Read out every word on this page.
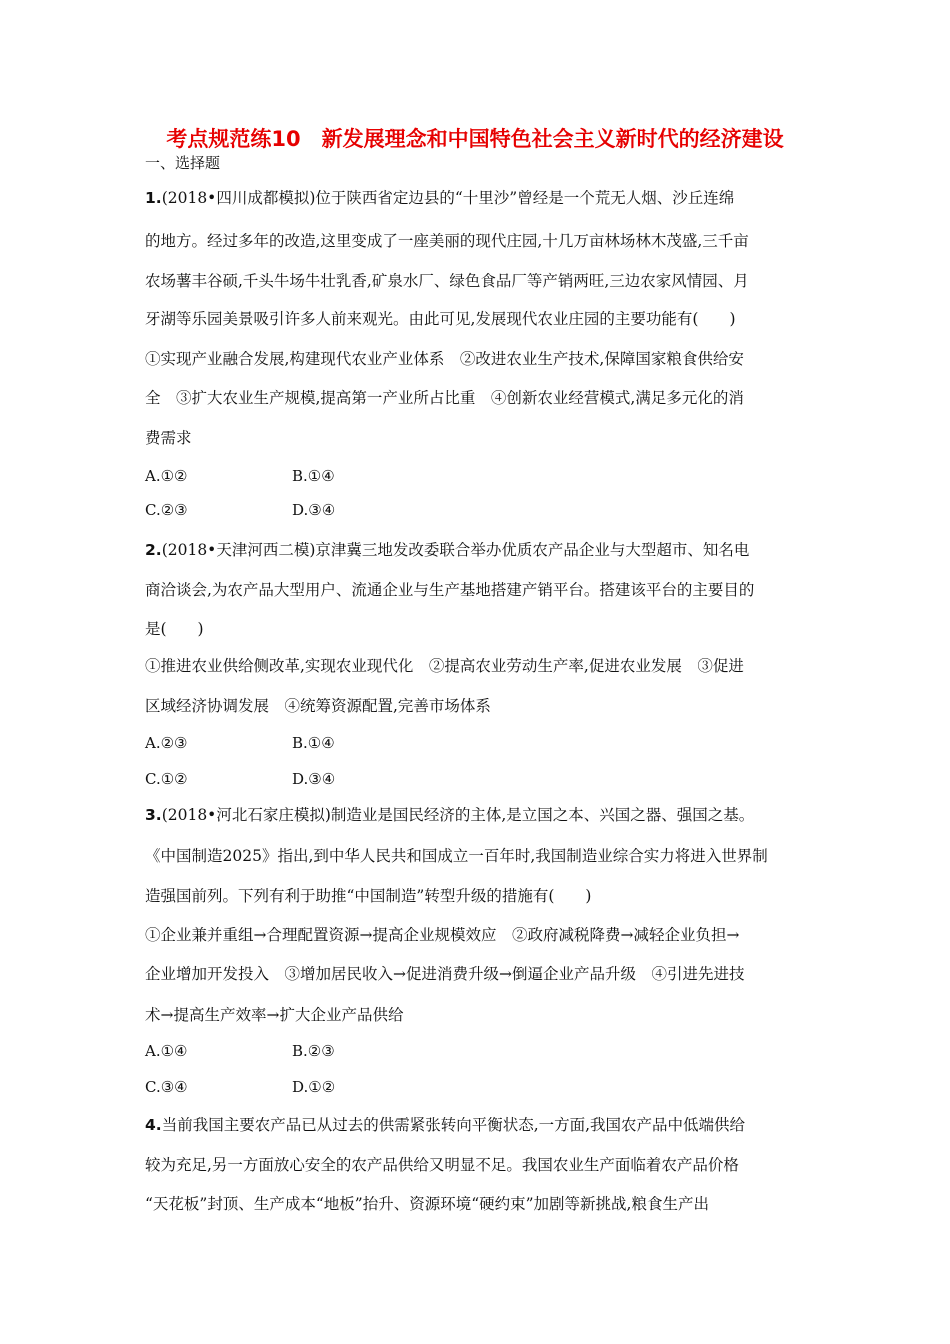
考点规范练10　新发展理念和中国特色社会主义新时代的经济建设
一、选择题
1.(2018•四川成都模拟)位于陕西省定边县的“十里沙”曾经是一个荒无人烟、沙丘连绵
的地方。经过多年的改造,这里变成了一座美丽的现代庄园,十几万亩林场林木茂盛,三千亩
农场薯丰谷硕,千头牛场牛壮乳香,矿泉水厂、绿色食品厂等产销两旺,三边农家风情园、月
牙湖等乐园美景吸引许多人前来观光。由此可见,发展现代农业庄园的主要功能有(　　)
①实现产业融合发展,构建现代农业产业体系　②改进农业生产技术,保障国家粮食供给安
全　③扩大农业生产规模,提高第一产业所占比重　④创新农业经营模式,满足多元化的消
费需求
A.①②	B.①④
C.②③	D.③④
2.(2018•天津河西二模)京津冀三地发改委联合举办优质农产品企业与大型超市、知名电
商洽谈会,为农产品大型用户、流通企业与生产基地搭建产销平台。搭建该平台的主要目的
是(　　)
①推进农业供给侧改革,实现农业现代化　②提高农业劳动生产率,促进农业发展　③促进
区域经济协调发展　④统筹资源配置,完善市场体系
A.②③	B.①④
C.①②	D.③④
3.(2018•河北石家庄模拟)制造业是国民经济的主体,是立国之本、兴国之器、强国之基。
《中国制造2025》指出,到中华人民共和国成立一百年时,我国制造业综合实力将进入世界制
造强国前列。下列有利于助推“中国制造”转型升级的措施有(　　)
①企业兼并重组→合理配置资源→提高企业规模效应　②政府减税降费→减轻企业负担→
企业增加开发投入　③增加居民收入→促进消费升级→倒逼企业产品升级　④引进先进技
术→提高生产效率→扩大企业产品供给
A.①④	B.②③
C.③④	D.①②
4.当前我国主要农产品已从过去的供需紧张转向平衡状态,一方面,我国农产品中低端供给
较为充足,另一方面放心安全的农产品供给又明显不足。我国农业生产面临着农产品价格
“天花板”封顶、生产成本“地板”抬升、资源环境“硬约束”加剧等新挑战,粮食生产出
